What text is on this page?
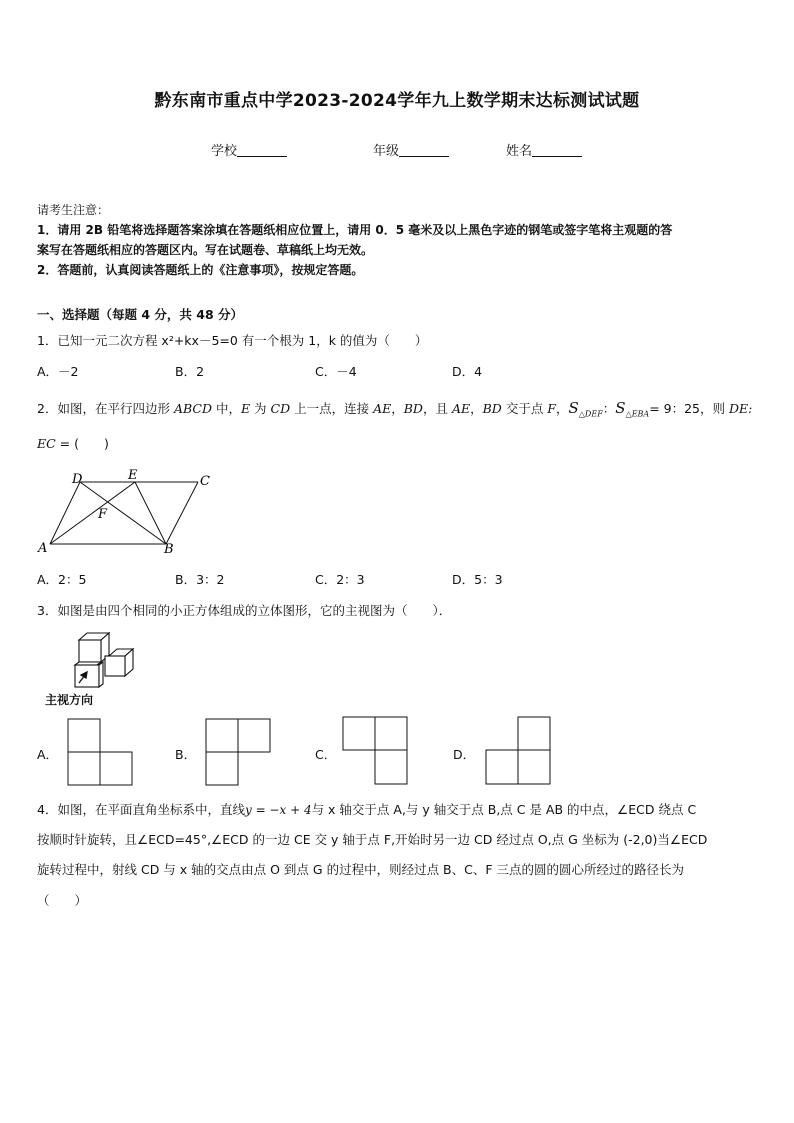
黔东南市重点中学2023-2024学年九上数学期末达标测试试题
学校	年级	姓名
请考生注意：
1．请用 2B 铅笔将选择题答案涂填在答题纸相应位置上，请用 0．5 毫米及以上黑色字迹的钢笔或签字笔将主观题的答
案写在答题纸相应的答题区内。写在试题卷、草稿纸上均无效。
2．答题前，认真阅读答题纸上的《注意事项》，按规定答题。
一、选择题（每题 4 分，共 48 分）
1．已知一元二次方程 x²+kx－5=0 有一个根为 1，k 的值为（　　）
A．－2	B．2	C．－4	D．4
2．如图，在平行四边形 ABCD 中，E 为 CD 上一点，连接 AE，BD，且 AE，BD 交于点 F，$S_{\triangle DEF}$：$S_{\triangle EBA}= 9$：25，则 DE:
EC = (　　)
A	B
C
D	E
F
A．2：5	B．3：2	C．2：3	D．5：3
3．如图是由四个相同的小正方体组成的立体图形，它的主视图为（　　）．
主视方向
A．	B．	C．	D．
4．如图，在平面直角坐标系中，直线y = −x + 4与 x 轴交于点 A,与 y 轴交于点 B,点 C 是 AB 的中点，∠ECD 绕点 C
按顺时针旋转，且∠ECD=45°,∠ECD 的一边 CE 交 y 轴于点 F,开始时另一边 CD 经过点 O,点 G 坐标为 (-2,0)当∠ECD
旋转过程中，射线 CD 与 x 轴的交点由点 O 到点 G 的过程中，则经过点 B、C、F 三点的圆的圆心所经过的路径长为
（　　）
